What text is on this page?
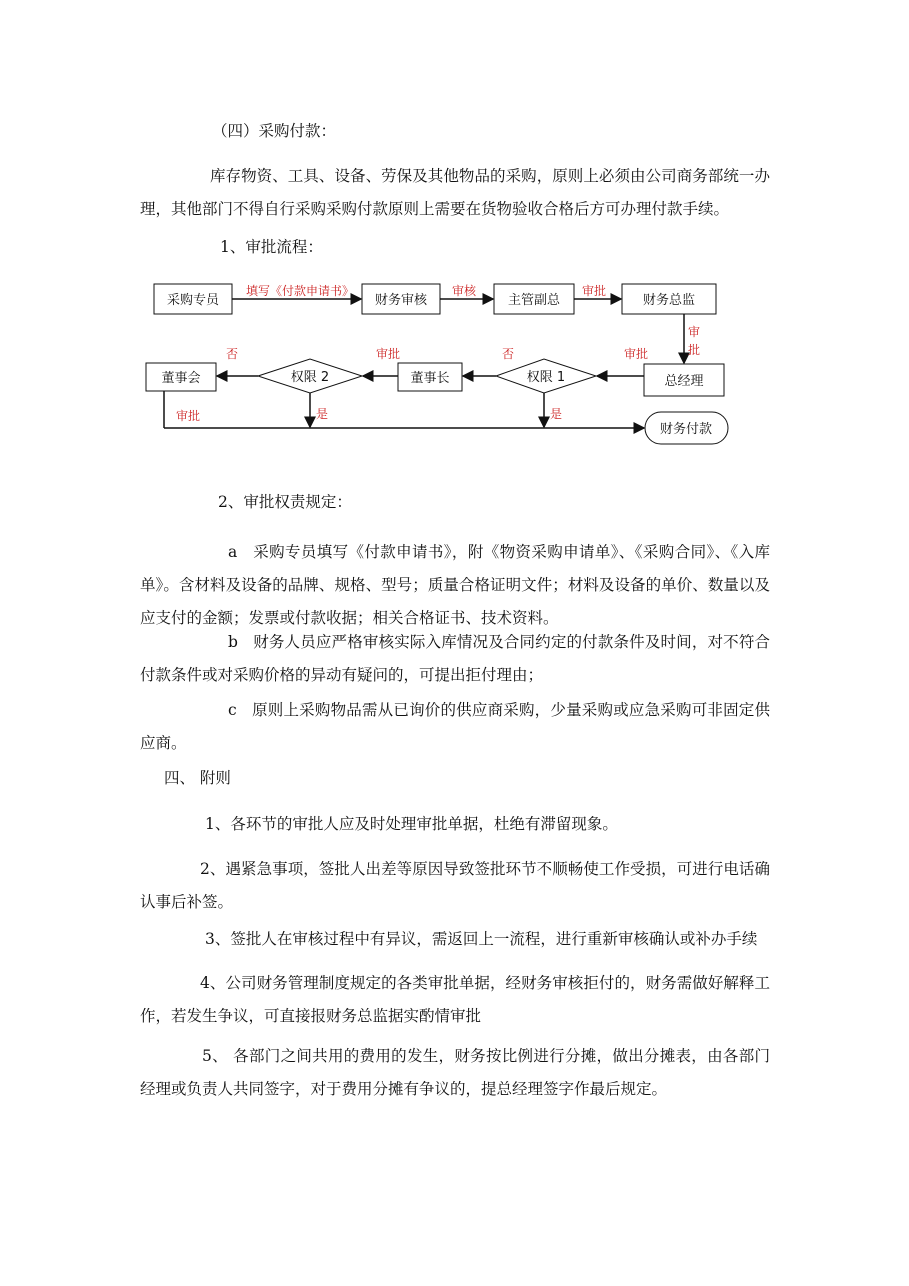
（四）采购付款：
库存物资、工具、设备、劳保及其他物品的采购，原则上必须由公司商务部统一办理，其他部门不得自行采购采购付款原则上需要在货物验收合格后方可办理付款手续。
1、审批流程：
采购专员	财务审核	主管副总	财务总监
总经理
权限 1
董事长
权限 2
董事会
财务付款
填写《付款申请书》	审核	审批
审
批
审批
否
审批
否
是	是
审批
2、审批权责规定：
a 采购专员填写《付款申请书》，附《物资采购申请单》、《采购合同》、《入库单》。含材料及设备的品牌、规格、型号；质量合格证明文件；材料及设备的单价、数量以及应支付的金额；发票或付款收据；相关合格证书、技术资料。
b 财务人员应严格审核实际入库情况及合同约定的付款条件及时间，对不符合付款条件或对采购价格的异动有疑问的，可提出拒付理由；
c 原则上采购物品需从已询价的供应商采购，少量采购或应急采购可非固定供应商。
四、 附则
1、各环节的审批人应及时处理审批单据，杜绝有滞留现象。
2、遇紧急事项，签批人出差等原因导致签批环节不顺畅使工作受损，可进行电话确认事后补签。
3、签批人在审核过程中有异议，需返回上一流程，进行重新审核确认或补办手续
4、公司财务管理制度规定的各类审批单据，经财务审核拒付的，财务需做好解释工作，若发生争议，可直接报财务总监据实酌情审批
5、 各部门之间共用的费用的发生，财务按比例进行分摊，做出分摊表，由各部门经理或负责人共同签字，对于费用分摊有争议的，提总经理签字作最后规定。
